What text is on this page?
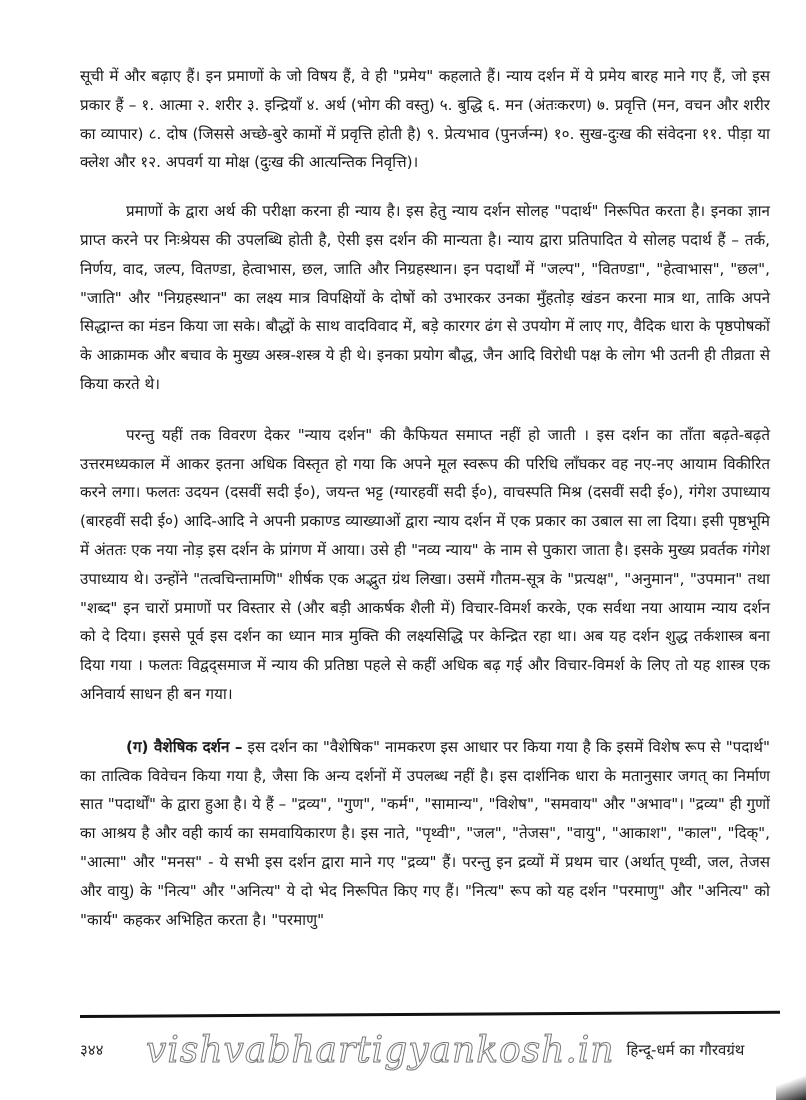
सूची में और बढ़ाए हैं। इन प्रमाणों के जो विषय हैं, वे ही "प्रमेय" कहलाते हैं। न्याय दर्शन में ये प्रमेय बारह माने गए हैं, जो इस प्रकार हैं – १. आत्मा २. शरीर ३. इन्द्रियाँ ४. अर्थ (भोग की वस्तु) ५. बुद्धि ६. मन (अंतःकरण) ७. प्रवृत्ति (मन, वचन और शरीर का व्यापार) ८. दोष (जिससे अच्छे-बुरे कामों में प्रवृत्ति होती है) ९. प्रेत्यभाव (पुनर्जन्म) १०. सुख-दुःख की संवेदना ११. पीड़ा या क्लेश और १२. अपवर्ग या मोक्ष (दुःख की आत्यन्तिक निवृत्ति)।

प्रमाणों के द्वारा अर्थ की परीक्षा करना ही न्याय है। इस हेतु न्याय दर्शन सोलह "पदार्थ" निरूपित करता है। इनका ज्ञान प्राप्त करने पर निःश्रेयस की उपलब्धि होती है, ऐसी इस दर्शन की मान्यता है। न्याय द्वारा प्रतिपादित ये सोलह पदार्थ हैं – तर्क, निर्णय, वाद, जल्प, वितण्डा, हेत्वाभास, छल, जाति और निग्रहस्थान। इन पदार्थों में "जल्प", "वितण्डा", "हेत्वाभास", "छल", "जाति" और "निग्रहस्थान" का लक्ष्य मात्र विपक्षियों के दोषों को उभारकर उनका मुँहतोड़ खंडन करना मात्र था, ताकि अपने सिद्धान्त का मंडन किया जा सके। बौद्धों के साथ वादविवाद में, बड़े कारगर ढंग से उपयोग में लाए गए, वैदिक धारा के पृष्ठपोषकों के आक्रामक और बचाव के मुख्य अस्त्र-शस्त्र ये ही थे। इनका प्रयोग बौद्ध, जैन आदि विरोधी पक्ष के लोग भी उतनी ही तीव्रता से किया करते थे।

परन्तु यहीं तक विवरण देकर "न्याय दर्शन" की कैफियत समाप्त नहीं हो जाती । इस दर्शन का ताँता बढ़ते-बढ़ते उत्तरमध्यकाल में आकर इतना अधिक विस्तृत हो गया कि अपने मूल स्वरूप की परिधि लाँघकर वह नए-नए आयाम विकीरित करने लगा। फलतः उदयन (दसवीं सदी ई०), जयन्त भट्ट (ग्यारहवीं सदी ई०), वाचस्पति मिश्र (दसवीं सदी ई०), गंगेश उपाध्याय (बारहवीं सदी ई०) आदि-आदि ने अपनी प्रकाण्ड व्याख्याओं द्वारा न्याय दर्शन में एक प्रकार का उबाल सा ला दिया। इसी पृष्ठभूमि में अंततः एक नया नोड़ इस दर्शन के प्रांगण में आया। उसे ही "नव्य न्याय" के नाम से पुकारा जाता है। इसके मुख्य प्रवर्तक गंगेश उपाध्याय थे। उन्होंने "तत्वचिन्तामणि" शीर्षक एक अद्भुत ग्रंथ लिखा। उसमें गौतम-सूत्र के "प्रत्यक्ष", "अनुमान", "उपमान" तथा "शब्द" इन चारों प्रमाणों पर विस्तार से (और बड़ी आकर्षक शैली में) विचार-विमर्श करके, एक सर्वथा नया आयाम न्याय दर्शन को दे दिया। इससे पूर्व इस दर्शन का ध्यान मात्र मुक्ति की लक्ष्यसिद्धि पर केन्द्रित रहा था। अब यह दर्शन शुद्ध तर्कशास्त्र बना दिया गया । फलतः विद्वद्समाज में न्याय की प्रतिष्ठा पहले से कहीं अधिक बढ़ गई और विचार-विमर्श के लिए तो यह शास्त्र एक अनिवार्य साधन ही बन गया।

(ग) वैशेषिक दर्शन – इस दर्शन का "वैशेषिक" नामकरण इस आधार पर किया गया है कि इसमें विशेष रूप से "पदार्थ" का तात्विक विवेचन किया गया है, जैसा कि अन्य दर्शनों में उपलब्ध नहीं है। इस दार्शनिक धारा के मतानुसार जगत् का निर्माण सात "पदार्थों" के द्वारा हुआ है। ये हैं – "द्रव्य", "गुण", "कर्म", "सामान्य", "विशेष", "समवाय" और "अभाव"। "द्रव्य" ही गुणों का आश्रय है और वही कार्य का समवायिकारण है। इस नाते, "पृथ्वी", "जल", "तेजस", "वायु", "आकाश", "काल", "दिक्", "आत्मा" और "मनस" - ये सभी इस दर्शन द्वारा माने गए "द्रव्य" हैं। परन्तु इन द्रव्यों में प्रथम चार (अर्थात् पृथ्वी, जल, तेजस और वायु) के "नित्य" और "अनित्य" ये दो भेद निरूपित किए गए हैं। "नित्य" रूप को यह दर्शन "परमाणु" और "अनित्य" को "कार्य" कहकर अभिहित करता है। "परमाणु"

३४४	vishvabhartigyankosh.in हिन्दू-धर्म का गौरवग्रंथ
